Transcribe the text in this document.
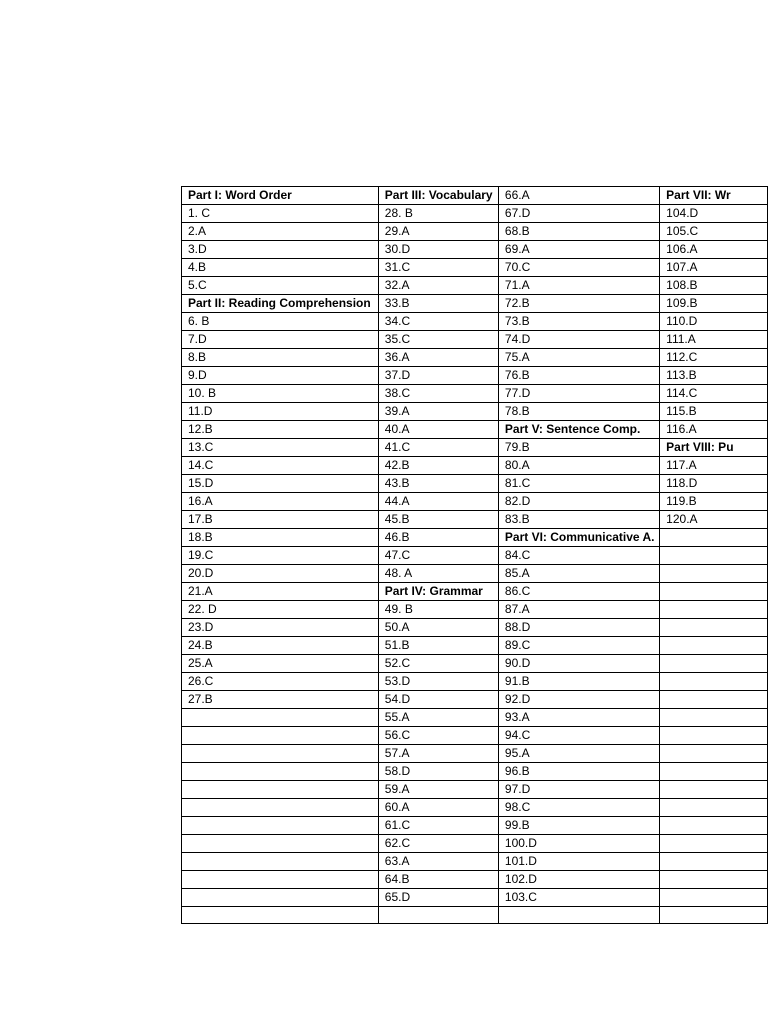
Part I: Word Order	Part III: Vocabulary	66.A	Part VII: Wr
1. C	28. B	67.D	104.D
2.A	29.A	68.B	105.C
3.D	30.D	69.A	106.A
4.B	31.C	70.C	107.A
5.C	32.A	71.A	108.B
Part II: Reading Comprehension	33.B	72.B	109.B
6. B	34.C	73.B	110.D
7.D	35.C	74.D	111.A
8.B	36.A	75.A	112.C
9.D	37.D	76.B	113.B
10. B	38.C	77.D	114.C
11.D	39.A	78.B	115.B
12.B	40.A	Part V: Sentence Comp.	116.A
13.C	41.C	79.B	Part VIII: Pu
14.C	42.B	80.A	117.A
15.D	43.B	81.C	118.D
16.A	44.A	82.D	119.B
17.B	45.B	83.B	120.A
18.B	46.B	Part VI: Communicative A.	
19.C	47.C	84.C	
20.D	48. A	85.A	
21.A	Part IV: Grammar	86.C	
22. D	49. B	87.A	
23.D	50.A	88.D	
24.B	51.B	89.C	
25.A	52.C	90.D	
26.C	53.D	91.B	
27.B	54.D	92.D	
	55.A	93.A	
	56.C	94.C	
	57.A	95.A	
	58.D	96.B	
	59.A	97.D	
	60.A	98.C	
	61.C	99.B	
	62.C	100.D	
	63.A	101.D	
	64.B	102.D	
	65.D	103.C	
